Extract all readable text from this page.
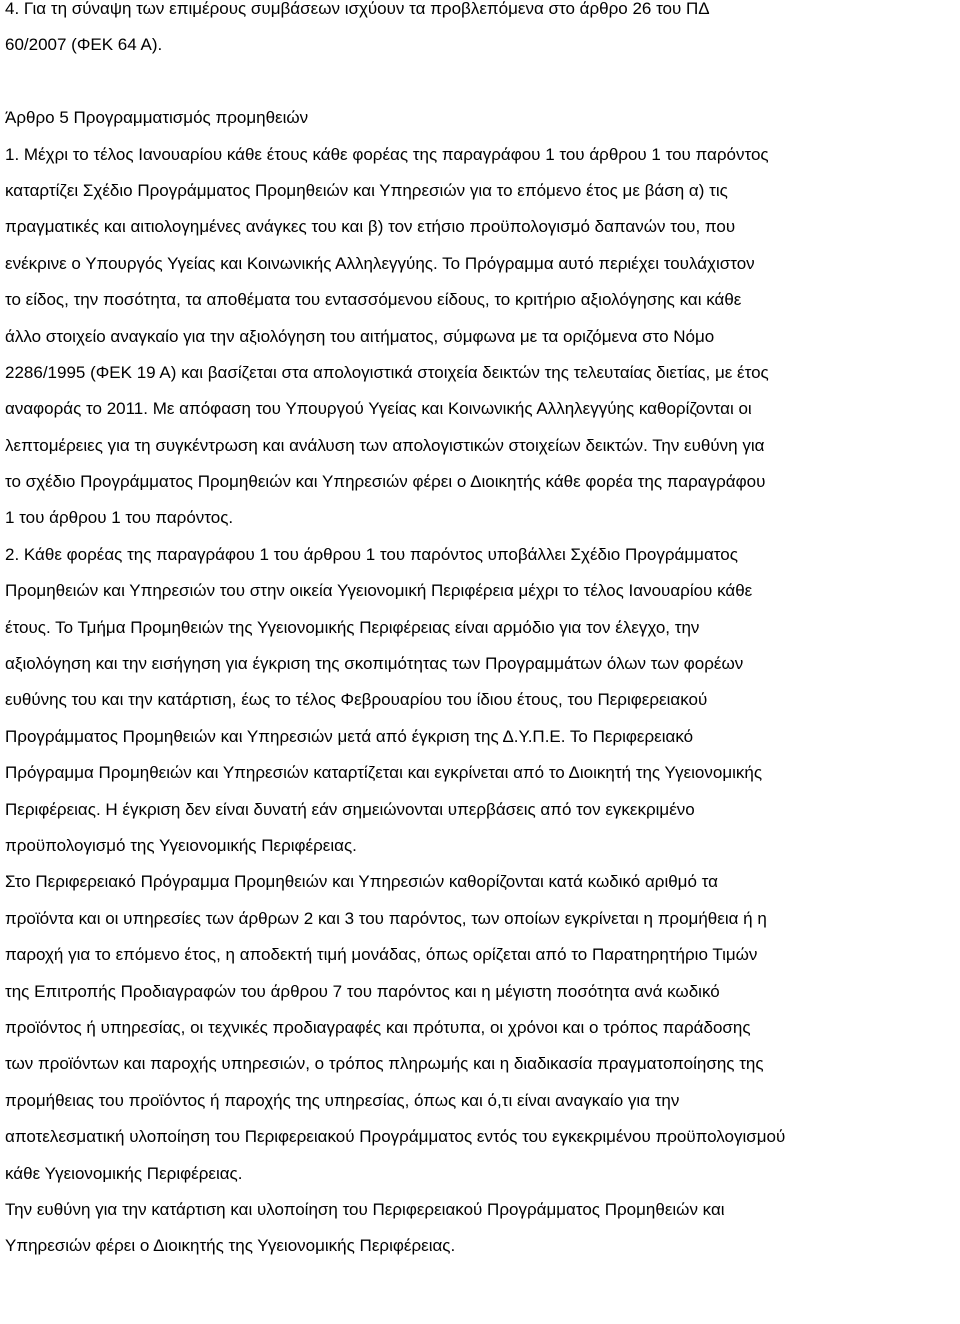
4. Για τη σύναψη των επιμέρους συμβάσεων ισχύουν τα προβλεπόμενα στο άρθρο 26 του ΠΔ
60/2007 (ΦΕΚ 64 Α).
Άρθρο 5 Προγραμματισμός προμηθειών
1. Μέχρι το τέλος Ιανουαρίου κάθε έτους κάθε φορέας της παραγράφου 1 του άρθρου 1 του παρόντος
καταρτίζει Σχέδιο Προγράμματος Προμηθειών και Υπηρεσιών για το επόμενο έτος με βάση α) τις
πραγματικές και αιτιολογημένες ανάγκες του και β) τον ετήσιο προϋπολογισμό δαπανών του, που
ενέκρινε ο Υπουργός Υγείας και Κοινωνικής Αλληλεγγύης. Το Πρόγραμμα αυτό περιέχει τουλάχιστον
το είδος, την ποσότητα, τα αποθέματα του εντασσόμενου είδους, το κριτήριο αξιολόγησης και κάθε
άλλο στοιχείο αναγκαίο για την αξιολόγηση του αιτήματος, σύμφωνα με τα οριζόμενα στο Νόμο
2286/1995 (ΦΕΚ 19 Α) και βασίζεται στα απολογιστικά στοιχεία δεικτών της τελευταίας διετίας, με έτος
αναφοράς το 2011. Με απόφαση του Υπουργού Υγείας και Κοινωνικής Αλληλεγγύης καθορίζονται οι
λεπτομέρειες για τη συγκέντρωση και ανάλυση των απολογιστικών στοιχείων δεικτών. Την ευθύνη για
το σχέδιο Προγράμματος Προμηθειών και Υπηρεσιών φέρει ο Διοικητής κάθε φορέα της παραγράφου
1 του άρθρου 1 του παρόντος.
2. Κάθε φορέας της παραγράφου 1 του άρθρου 1 του παρόντος υποβάλλει Σχέδιο Προγράμματος
Προμηθειών και Υπηρεσιών του στην οικεία Υγειονομική Περιφέρεια μέχρι το τέλος Ιανουαρίου κάθε
έτους. Το Τμήμα Προμηθειών της Υγειονομικής Περιφέρειας είναι αρμόδιο για τον έλεγχο, την
αξιολόγηση και την εισήγηση για έγκριση της σκοπιμότητας των Προγραμμάτων όλων των φορέων
ευθύνης του και την κατάρτιση, έως το τέλος Φεβρουαρίου του ίδιου έτους, του Περιφερειακού
Προγράμματος Προμηθειών και Υπηρεσιών μετά από έγκριση της Δ.Υ.Π.Ε. Το Περιφερειακό
Πρόγραμμα Προμηθειών και Υπηρεσιών καταρτίζεται και εγκρίνεται από το Διοικητή της Υγειονομικής
Περιφέρειας. Η έγκριση δεν είναι δυνατή εάν σημειώνονται υπερβάσεις από τον εγκεκριμένο
προϋπολογισμό της Υγειονομικής Περιφέρειας.
Στο Περιφερειακό Πρόγραμμα Προμηθειών και Υπηρεσιών καθορίζονται κατά κωδικό αριθμό τα
προϊόντα και οι υπηρεσίες των άρθρων 2 και 3 του παρόντος, των οποίων εγκρίνεται η προμήθεια ή η
παροχή για το επόμενο έτος, η αποδεκτή τιμή μονάδας, όπως ορίζεται από το Παρατηρητήριο Τιμών
της Επιτροπής Προδιαγραφών του άρθρου 7 του παρόντος και η μέγιστη ποσότητα ανά κωδικό
προϊόντος ή υπηρεσίας, οι τεχνικές προδιαγραφές και πρότυπα, οι χρόνοι και ο τρόπος παράδοσης
των προϊόντων και παροχής υπηρεσιών, ο τρόπος πληρωμής και η διαδικασία πραγματοποίησης της
προμήθειας του προϊόντος ή παροχής της υπηρεσίας, όπως και ό,τι είναι αναγκαίο για την
αποτελεσματική υλοποίηση του Περιφερειακού Προγράμματος εντός του εγκεκριμένου προϋπολογισμού
κάθε Υγειονομικής Περιφέρειας.
Την ευθύνη για την κατάρτιση και υλοποίηση του Περιφερειακού Προγράμματος Προμηθειών και
Υπηρεσιών φέρει ο Διοικητής της Υγειονομικής Περιφέρειας.
